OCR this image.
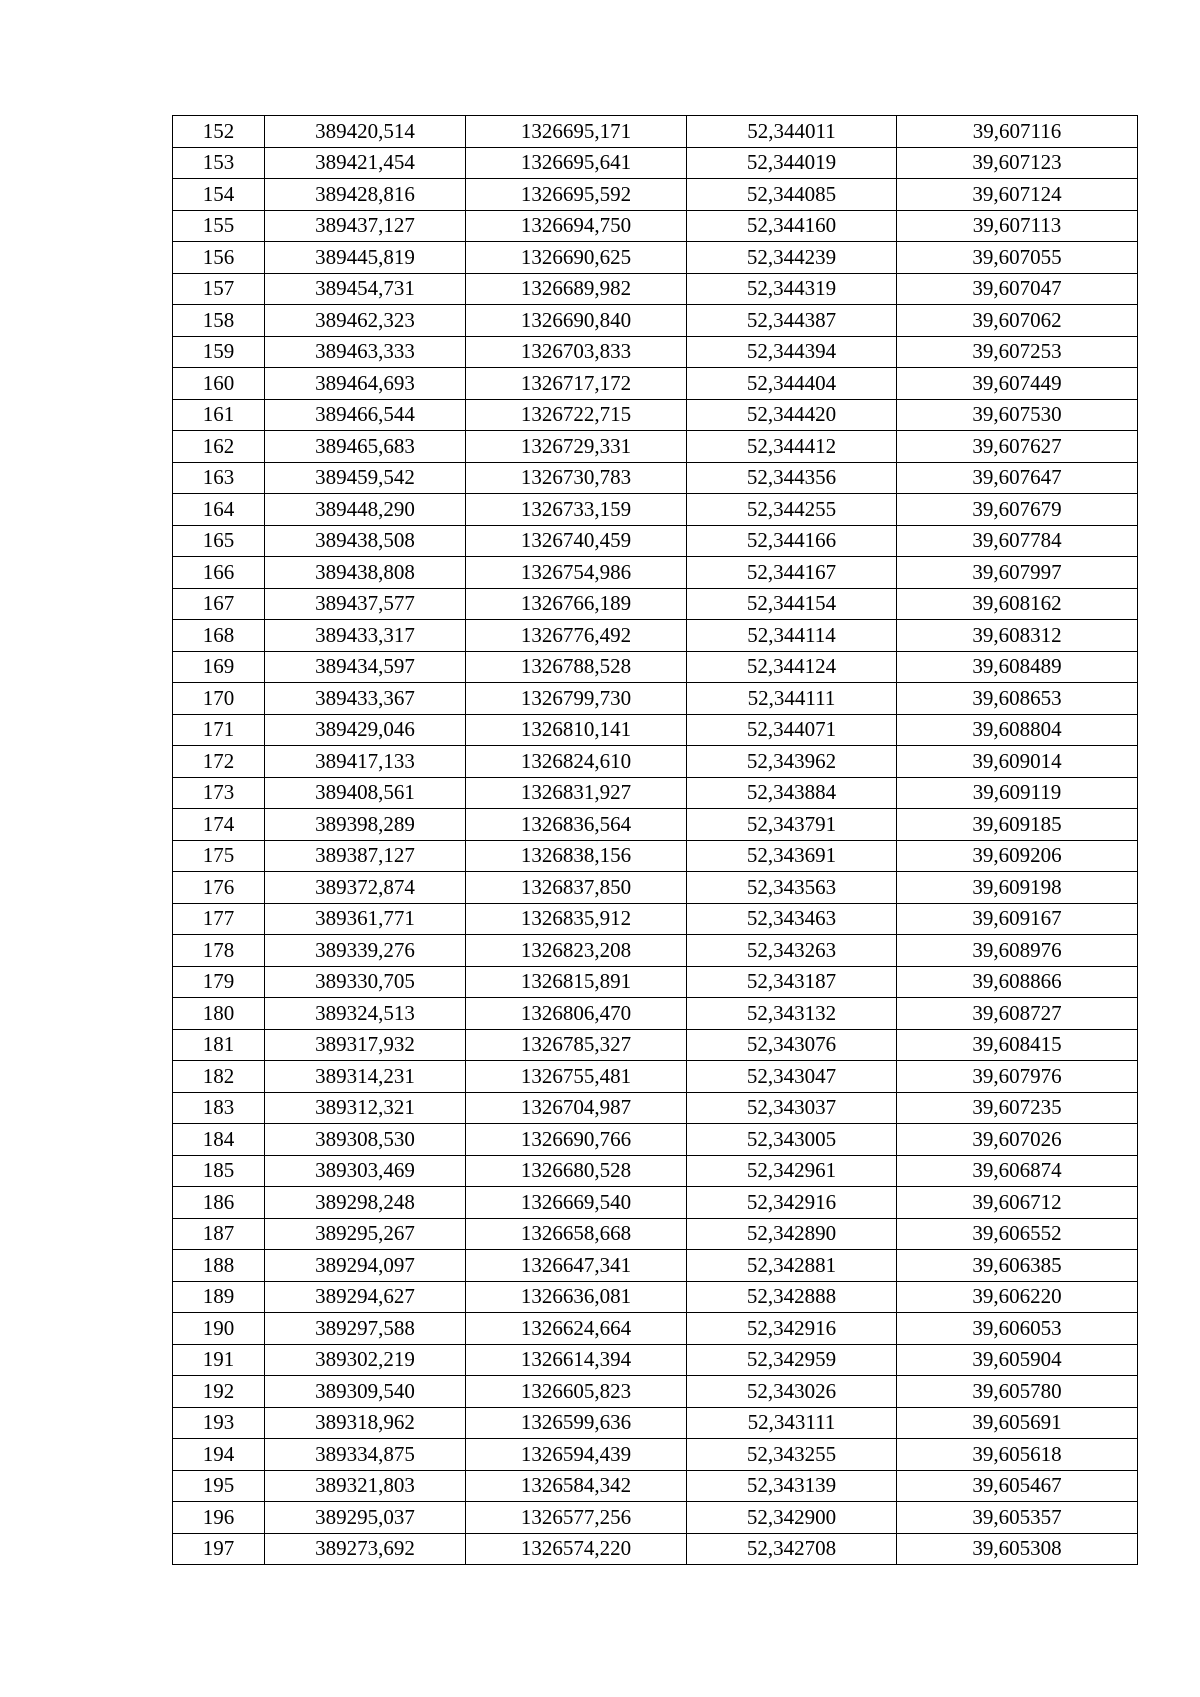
152	389420,514	1326695,171	52,344011	39,607116
153	389421,454	1326695,641	52,344019	39,607123
154	389428,816	1326695,592	52,344085	39,607124
155	389437,127	1326694,750	52,344160	39,607113
156	389445,819	1326690,625	52,344239	39,607055
157	389454,731	1326689,982	52,344319	39,607047
158	389462,323	1326690,840	52,344387	39,607062
159	389463,333	1326703,833	52,344394	39,607253
160	389464,693	1326717,172	52,344404	39,607449
161	389466,544	1326722,715	52,344420	39,607530
162	389465,683	1326729,331	52,344412	39,607627
163	389459,542	1326730,783	52,344356	39,607647
164	389448,290	1326733,159	52,344255	39,607679
165	389438,508	1326740,459	52,344166	39,607784
166	389438,808	1326754,986	52,344167	39,607997
167	389437,577	1326766,189	52,344154	39,608162
168	389433,317	1326776,492	52,344114	39,608312
169	389434,597	1326788,528	52,344124	39,608489
170	389433,367	1326799,730	52,344111	39,608653
171	389429,046	1326810,141	52,344071	39,608804
172	389417,133	1326824,610	52,343962	39,609014
173	389408,561	1326831,927	52,343884	39,609119
174	389398,289	1326836,564	52,343791	39,609185
175	389387,127	1326838,156	52,343691	39,609206
176	389372,874	1326837,850	52,343563	39,609198
177	389361,771	1326835,912	52,343463	39,609167
178	389339,276	1326823,208	52,343263	39,608976
179	389330,705	1326815,891	52,343187	39,608866
180	389324,513	1326806,470	52,343132	39,608727
181	389317,932	1326785,327	52,343076	39,608415
182	389314,231	1326755,481	52,343047	39,607976
183	389312,321	1326704,987	52,343037	39,607235
184	389308,530	1326690,766	52,343005	39,607026
185	389303,469	1326680,528	52,342961	39,606874
186	389298,248	1326669,540	52,342916	39,606712
187	389295,267	1326658,668	52,342890	39,606552
188	389294,097	1326647,341	52,342881	39,606385
189	389294,627	1326636,081	52,342888	39,606220
190	389297,588	1326624,664	52,342916	39,606053
191	389302,219	1326614,394	52,342959	39,605904
192	389309,540	1326605,823	52,343026	39,605780
193	389318,962	1326599,636	52,343111	39,605691
194	389334,875	1326594,439	52,343255	39,605618
195	389321,803	1326584,342	52,343139	39,605467
196	389295,037	1326577,256	52,342900	39,605357
197	389273,692	1326574,220	52,342708	39,605308
